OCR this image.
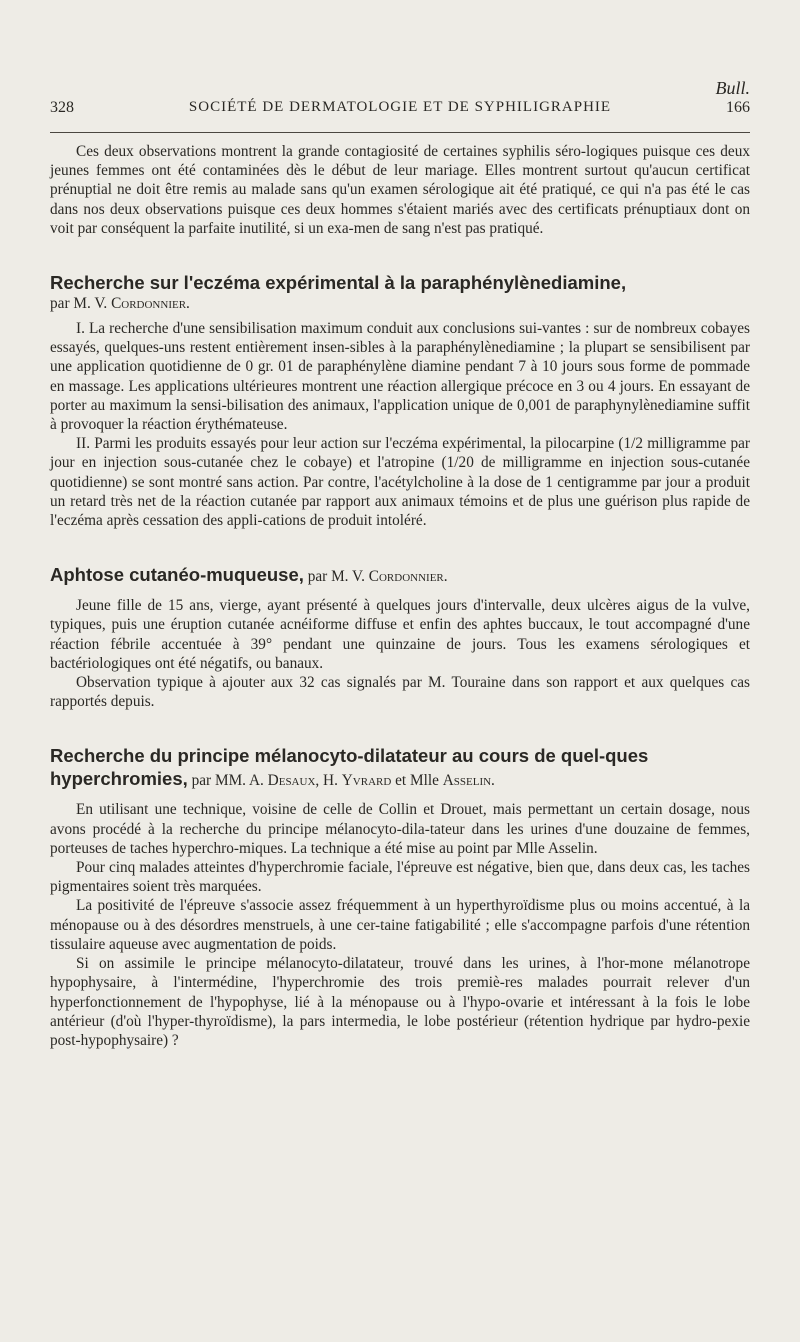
Bull.
328	SOCIÉTÉ DE DERMATOLOGIE ET DE SYPHILIGRAPHIE	166

Ces deux observations montrent la grande contagiosité de certaines syphilis séro-logiques puisque ces deux jeunes femmes ont été contaminées dès le début de leur mariage. Elles montrent surtout qu'aucun certificat prénuptial ne doit être remis au malade sans qu'un examen sérologique ait été pratiqué, ce qui n'a pas été le cas dans nos deux observations puisque ces deux hommes s'étaient mariés avec des certificats prénuptiaux dont on voit par conséquent la parfaite inutilité, si un exa-men de sang n'est pas pratiqué.

Recherche sur l'eczéma expérimental à la paraphénylènediamine,
par M. V. Cordonnier.

I. La recherche d'une sensibilisation maximum conduit aux conclusions sui-vantes : sur de nombreux cobayes essayés, quelques-uns restent entièrement insen-sibles à la paraphénylènediamine ; la plupart se sensibilisent par une application quotidienne de 0 gr. 01 de paraphénylène diamine pendant 7 à 10 jours sous forme de pommade en massage. Les applications ultérieures montrent une réaction allergique précoce en 3 ou 4 jours. En essayant de porter au maximum la sensi-bilisation des animaux, l'application unique de 0,001 de paraphynylènediamine suffit à provoquer la réaction érythémateuse.

II. Parmi les produits essayés pour leur action sur l'eczéma expérimental, la pilocarpine (1/2 milligramme par jour en injection sous-cutanée chez le cobaye) et l'atropine (1/20 de milligramme en injection sous-cutanée quotidienne) se sont montré sans action. Par contre, l'acétylcholine à la dose de 1 centigramme par jour a produit un retard très net de la réaction cutanée par rapport aux animaux témoins et de plus une guérison plus rapide de l'eczéma après cessation des appli-cations de produit intoléré.

Aphtose cutanéo-muqueuse, par M. V. Cordonnier.

Jeune fille de 15 ans, vierge, ayant présenté à quelques jours d'intervalle, deux ulcères aigus de la vulve, typiques, puis une éruption cutanée acnéiforme diffuse et enfin des aphtes buccaux, le tout accompagné d'une réaction fébrile accentuée à 39° pendant une quinzaine de jours. Tous les examens sérologiques et bactériologiques ont été négatifs, ou banaux.

Observation typique à ajouter aux 32 cas signalés par M. Touraine dans son rapport et aux quelques cas rapportés depuis.

Recherche du principe mélanocyto-dilatateur au cours de quel-ques hyperchromies, par MM. A. Desaux, H. Yvrard et Mlle Asselin.

En utilisant une technique, voisine de celle de Collin et Drouet, mais permettant un certain dosage, nous avons procédé à la recherche du principe mélanocyto-dila-tateur dans les urines d'une douzaine de femmes, porteuses de taches hyperchro-miques. La technique a été mise au point par Mlle Asselin.

Pour cinq malades atteintes d'hyperchromie faciale, l'épreuve est négative, bien que, dans deux cas, les taches pigmentaires soient très marquées.

La positivité de l'épreuve s'associe assez fréquemment à un hyperthyroïdisme plus ou moins accentué, à la ménopause ou à des désordres menstruels, à une cer-taine fatigabilité ; elle s'accompagne parfois d'une rétention tissulaire aqueuse avec augmentation de poids.

Si on assimile le principe mélanocyto-dilatateur, trouvé dans les urines, à l'hor-mone mélanotrope hypophysaire, à l'intermédine, l'hyperchromie des trois premiè-res malades pourrait relever d'un hyperfonctionnement de l'hypophyse, lié à la ménopause ou à l'hypo-ovarie et intéressant à la fois le lobe antérieur (d'où l'hyper-thyroïdisme), la pars intermedia, le lobe postérieur (rétention hydrique par hydro-pexie post-hypophysaire) ?
